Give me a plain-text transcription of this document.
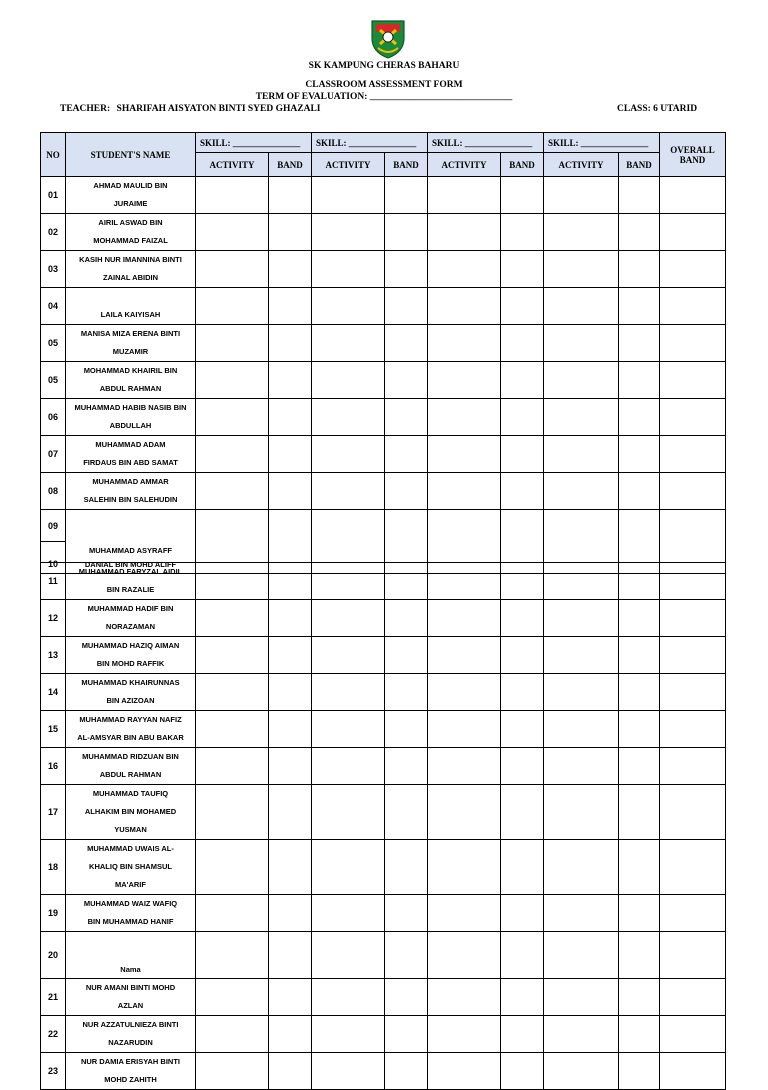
SK KAMPUNG CHERAS BAHARU
CLASSROOM ASSESSMENT FORM
TERM OF EVALUATION: ______________________________
TEACHER: SHARIFAH AISYATON BINTI SYED GHAZALI	CLASS: 6 UTARID
NO	STUDENT'S NAME	SKILL: _______________		SKILL: _______________		SKILL: _______________		SKILL: _______________		OVERALL BAND
		ACTIVITY	BAND	ACTIVITY	BAND	ACTIVITY	BAND	ACTIVITY	BAND	
01	AHMAD MAULID BIN
JURAIME									
02	AIRIL ASWAD BIN
MOHAMMAD FAIZAL									
03	KASIH NUR IMANNINA BINTI
ZAINAL ABIDIN									
04	
LAILA KAIYISAH									
05	MANISA MIZA ERENA BINTI
MUZAMIR									
05	MOHAMMAD KHAIRIL BIN
ABDUL RAHMAN									
06	MUHAMMAD HABIB NASIB BIN
ABDULLAH									
07	MUHAMMAD ADAM
FIRDAUS BIN ABD SAMAT									
08	MUHAMMAD AMMAR
SALEHIN BIN SALEHUDIN									
09	MUHAMMAD ASYRAFF
DANIAL BIN MOHD ALIFF									
10										
11	MUHAMMAD FARYZAL AIDIL
BIN RAZALIE									
12	MUHAMMAD HADIF BIN
NORAZAMAN									
13	MUHAMMAD HAZIQ AIMAN
BIN MOHD RAFFIK									
14	MUHAMMAD KHAIRUNNAS
BIN AZIZOAN									
15	MUHAMMAD RAYYAN NAFIZ
AL-AMSYAR BIN ABU BAKAR									
16	MUHAMMAD RIDZUAN BIN
ABDUL RAHMAN									
17	MUHAMMAD TAUFIQ
ALHAKIM BIN MOHAMED
YUSMAN									
18	MUHAMMAD UWAIS AL-
KHALIQ BIN SHAMSUL
MA'ARIF									
19	MUHAMMAD WAIZ WAFIQ
BIN MUHAMMAD HANIF									
20	Nama									
21	NUR AMANI BINTI MOHD
AZLAN									
22	NUR AZZATULNIEZA BINTI
NAZARUDIN									
23	NUR DAMIA ERISYAH BINTI
MOHD ZAHITH									
